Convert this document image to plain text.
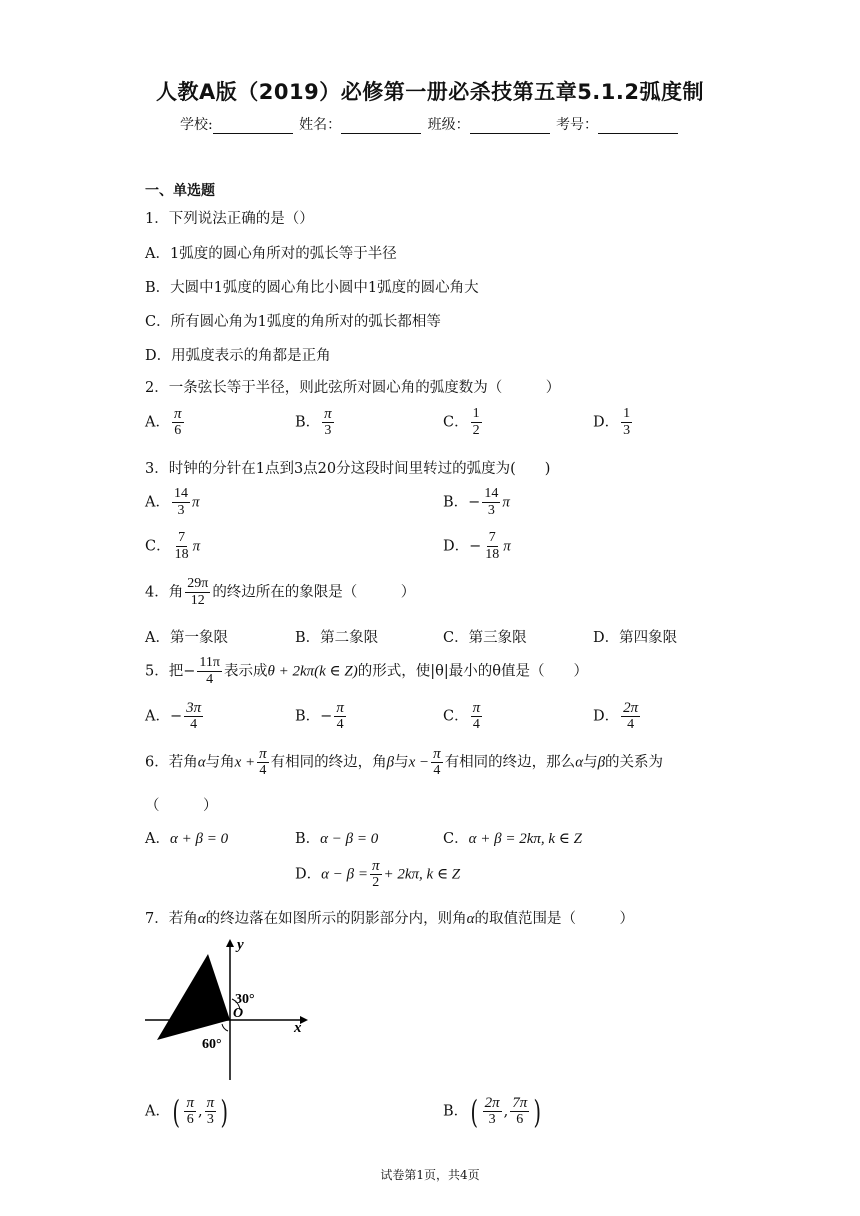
人教A版（2019）必修第一册必杀技第五章5.1.2弧度制
学校:	姓名：	班级：	考号：
一、单选题
1．下列说法正确的是（）
A．1弧度的圆心角所对的弧长等于半径
B．大圆中1弧度的圆心角比小圆中1弧度的圆心角大
C．所有圆心角为1弧度的角所对的弧长都相等
D．用弧度表示的角都是正角
2．一条弦长等于半径，则此弦所对圆心角的弧度数为（　　　）
A． $\frac{\pi}{6}$	B． $\frac{\pi}{3}$	C． $\frac{1}{2}$	D． $\frac{1}{3}$
3．时钟的分针在1点到3点20分这段时间里转过的弧度为(　　)
A． $\frac{14}{3}$ π	B．− $\frac{14}{3}$ π
C． $\frac{7}{18}$ π	D．− $\frac{7}{18}$ π
4．角 $\frac{29\pi}{12}$ 的终边所在的象限是（　　　）
A．第一象限	B．第二象限	C．第三象限	D．第四象限
5．把− $\frac{11\pi}{4}$ 表示成θ + 2kπ(k ∈ Z)的形式，使|θ|最小的θ值是（　　）
A．− $\frac{3\pi}{4}$	B．− $\frac{\pi}{4}$	C． $\frac{\pi}{4}$	D． $\frac{2\pi}{4}$
6．若角α与角$x + \frac{\pi}{4}$ 有相同的终边，角β与$x - \frac{\pi}{4}$ 有相同的终边，那么α与β的关系为
（　　　）
A．α + β = 0	B．α − β = 0	C．α + β = 2kπ, k ∈ Z
D．$\alpha - \beta = \frac{\pi}{2} + 2k\pi$, k ∈ Z
7．若角α的终边落在如图所示的阴影部分内，则角α的取值范围是（　　　）
y
x
O
30°
60°
A．( $\frac{\pi}{6}$ , $\frac{\pi}{3}$ )	B．( $\frac{2\pi}{3}$ , $\frac{7\pi}{6}$ )
试卷第1页，共4页
